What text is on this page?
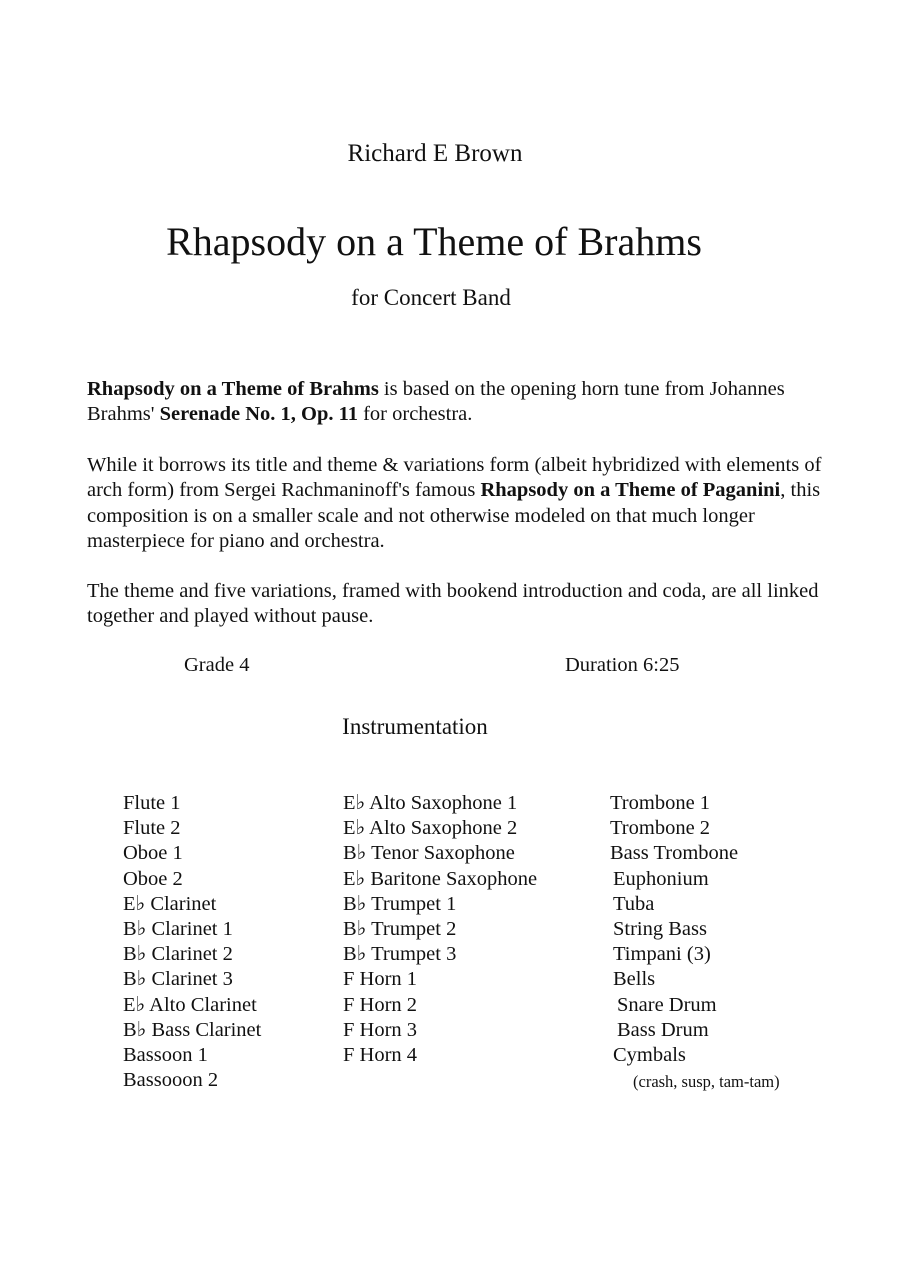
Richard E Brown
Rhapsody on a Theme of Brahms
for Concert Band

Rhapsody on a Theme of Brahms is based on the opening horn tune from Johannes Brahms' Serenade No. 1, Op. 11 for orchestra.

While it borrows its title and theme & variations form (albeit hybridized with elements of arch form) from Sergei Rachmaninoff's famous Rhapsody on a Theme of Paganini, this composition is on a smaller scale and not otherwise modeled on that much longer masterpiece for piano and orchestra.

The theme and five variations, framed with bookend introduction and coda, are all linked together and played without pause.

Grade 4	Duration 6:25
Instrumentation
Flute 1
Flute 2
Oboe 1
Oboe 2
E♭ Clarinet
B♭ Clarinet 1
B♭ Clarinet 2
B♭ Clarinet 3
E♭ Alto Clarinet
B♭ Bass Clarinet
Bassoon 1
Bassooon 2
E♭ Alto Saxophone 1
E♭ Alto Saxophone 2
B♭ Tenor Saxophone
E♭ Baritone Saxophone
B♭ Trumpet 1
B♭ Trumpet 2
B♭ Trumpet 3
F Horn 1
F Horn 2
F Horn 3
F Horn 4
Trombone 1
Trombone 2
Bass Trombone
Euphonium
Tuba
String Bass
Timpani (3)
Bells
Snare Drum
Bass Drum
Cymbals
(crash, susp, tam-tam)
